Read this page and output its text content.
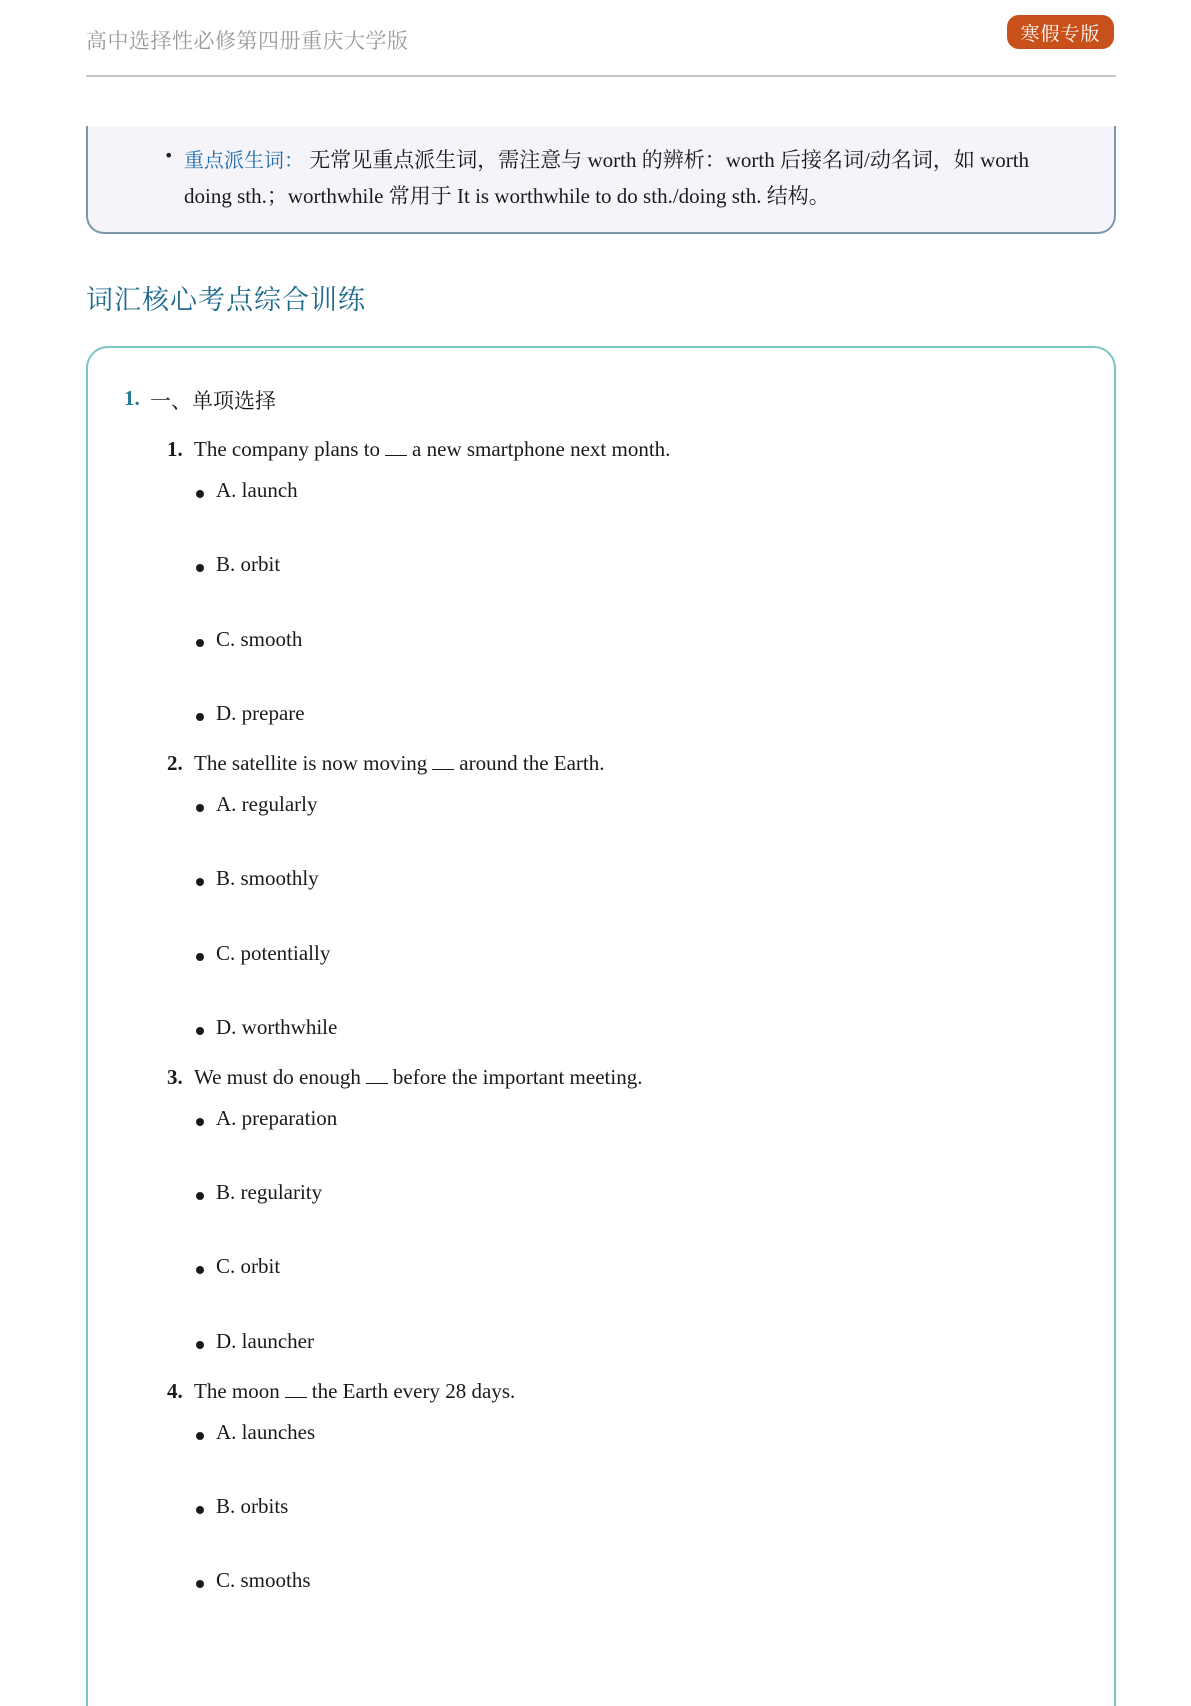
高中选择性必修第四册重庆大学版	寒假专版
• 重点派生词： 无常见重点派生词，需注意与 worth 的辨析：worth 后接名词/动名词，如 worth
doing sth.；worthwhile 常用于 It is worthwhile to do sth./doing sth. 结构。
词汇核心考点综合训练
1. 一、单项选择
1. The company plans to a new smartphone next month.
A. launch
B. orbit
C. smooth
D. prepare
2. The satellite is now moving around the Earth.
A. regularly
B. smoothly
C. potentially
D. worthwhile
3. We must do enough before the important meeting.
A. preparation
B. regularity
C. orbit
D. launcher
4. The moon the Earth every 28 days.
A. launches
B. orbits
C. smooths
